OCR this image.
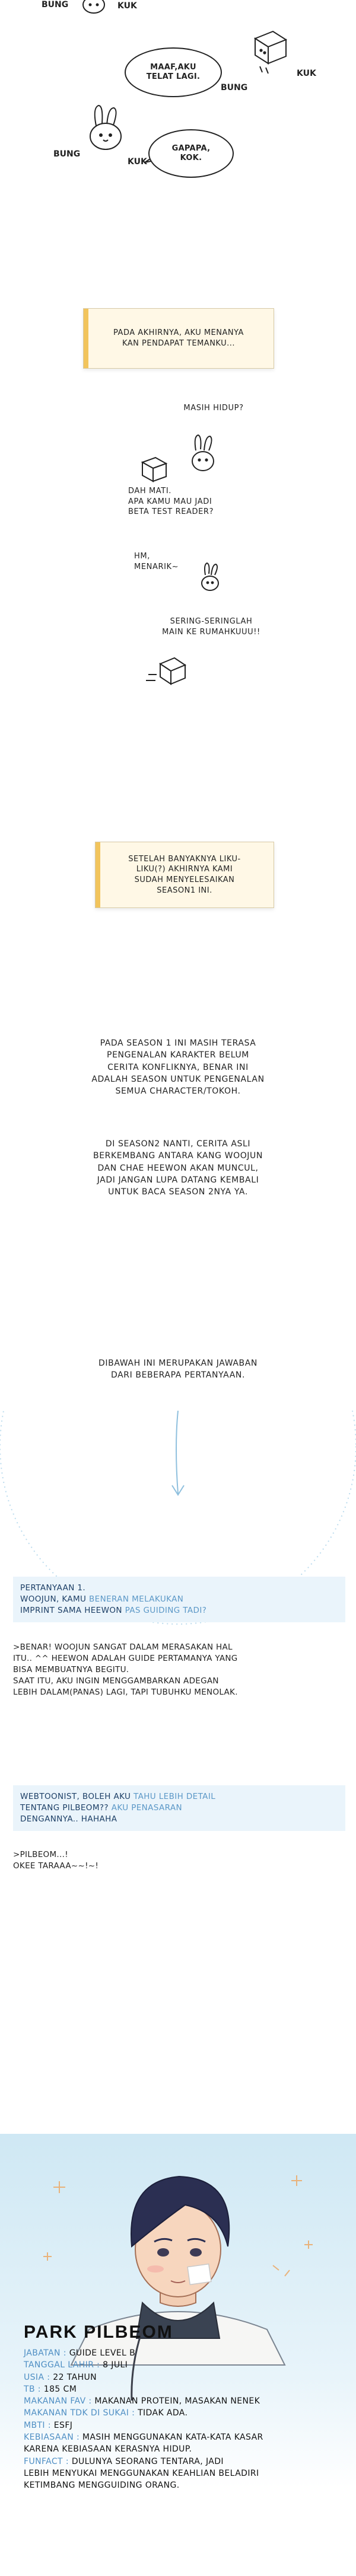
BUNG	KUK
MAAF,AKU
TELAT LAGI.
BUNG
KUK
BUNG
KUK
GAPAPA,
KOK.
PADA AKHIRNYA, AKU MENANYA
KAN PENDAPAT TEMANKU...
MASIH HIDUP?
DAH MATI.
APA KAMU MAU JADI
BETA TEST READER?
HM,
MENARIK~
SERING-SERINGLAH
MAIN KE RUMAHKUUU!!
SETELAH BANYAKNYA LIKU-
LIKU(?) AKHIRNYA KAMI
SUDAH MENYELESAIKAN
SEASON1 INI.
PADA SEASON 1 INI MASIH TERASA
PENGENALAN KARAKTER BELUM
CERITA KONFLIKNYA, BENAR INI
ADALAH SEASON UNTUK PENGENALAN
SEMUA CHARACTER/TOKOH.
DI SEASON2 NANTI, CERITA ASLI
BERKEMBANG ANTARA KANG WOOJUN
DAN CHAE HEEWON AKAN MUNCUL,
JADI JANGAN LUPA DATANG KEMBALI
UNTUK BACA SEASON 2NYA YA.
DIBAWAH INI MERUPAKAN JAWABAN
DARI BEBERAPA PERTANYAAN.
PERTANYAAN 1.
WOOJUN, KAMU BENERAN MELAKUKAN
IMPRINT SAMA HEEWON PAS GUIDING TADI?
>BENAR! WOOJUN SANGAT DALAM MERASAKAN HAL
ITU.. ^^ HEEWON ADALAH GUIDE PERTAMANYA YANG
BISA MEMBUATNYA BEGITU.
SAAT ITU, AKU INGIN MENGGAMBARKAN ADEGAN
LEBIH DALAM(PANAS) LAGI, TAPI TUBUHKU MENOLAK.
WEBTOONIST, BOLEH AKU TAHU LEBIH DETAIL
TENTANG PILBEOM?? AKU PENASARAN
DENGANNYA.. HAHAHA
>PILBEOM...!
OKEE TARAAA~~!~!
PARK PILBEOM
JABATAN : GUIDE LEVEL B
TANGGAL LAHIR : 8 JULI
USIA : 22 TAHUN
TB : 185 CM
MAKANAN FAV : MAKANAN PROTEIN, MASAKAN NENEK
MAKANAN TDK DI SUKAI : TIDAK ADA.
MBTI : ESFJ
KEBIASAAN : MASIH MENGGUNAKAN KATA-KATA KASAR
KARENA KEBIASAAN KERASNYA HIDUP.
FUNFACT : DULUNYA SEORANG TENTARA, JADI
LEBIH MENYUKAI MENGGUNAKAN KEAHLIAN BELADIRI
KETIMBANG MENGGUIDING ORANG.
